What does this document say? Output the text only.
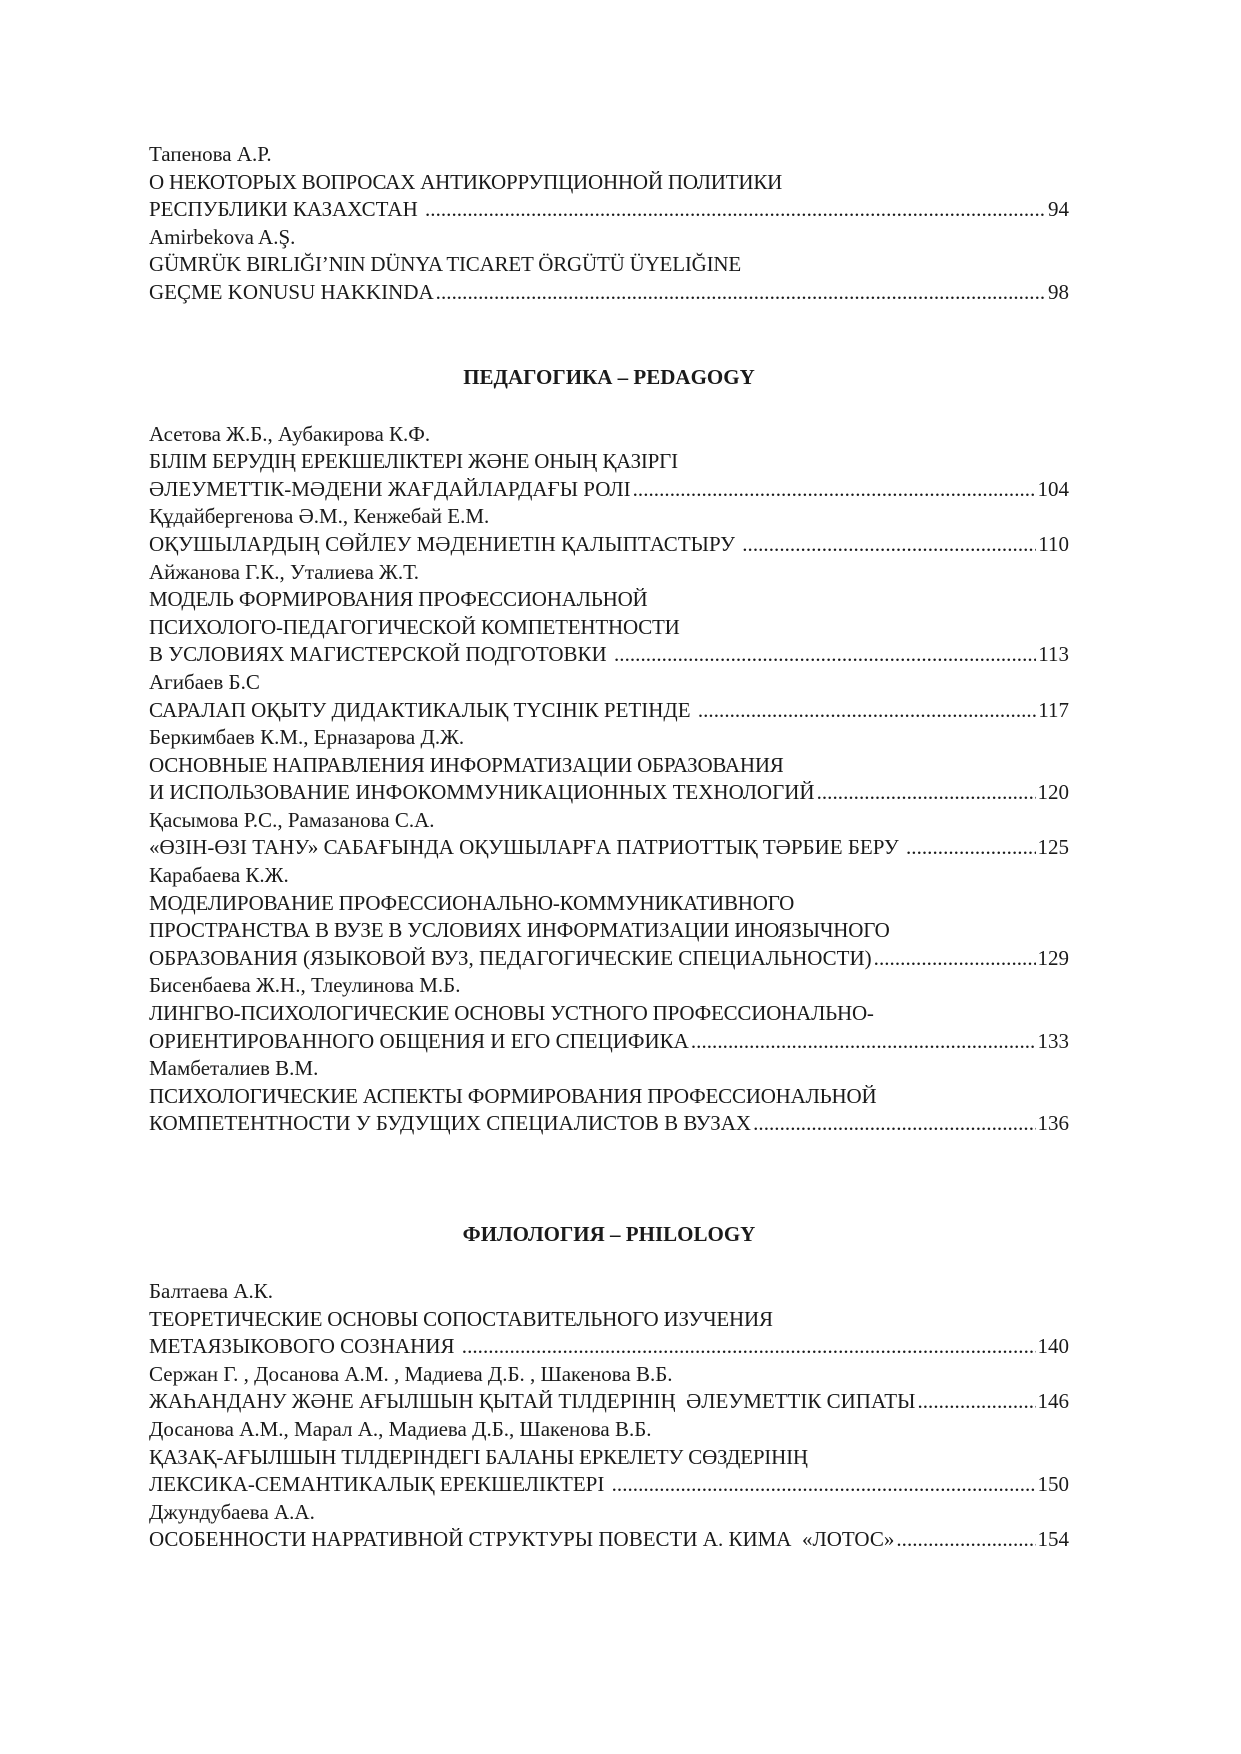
Тапенова А.Р.
О НЕКОТОРЫХ ВОПРОСАХ АНТИКОРРУПЦИОННОЙ ПОЛИТИКИ
РЕСПУБЛИКИ КАЗАХСТАН . . .	94
Amirbekova A.Ş.
GÜMRÜK BIRLIĞI’NIN DÜNYA TICARET ÖRGÜTÜ ÜYELIĞINE
GEÇME KONUSU HAKKINDA . . .	98
ПЕДАГОГИКА – PEDAGOGY
Асетова Ж.Б., Аубакирова К.Ф.
БІЛІМ БЕРУДІҢ ЕРЕКШЕЛІКТЕРІ ЖӘНЕ ОНЫҢ ҚАЗІРГІ
ӘЛЕУМЕТТІК-МӘДЕНИ ЖАҒДАЙЛАРДАҒЫ РОЛІ . . .	104
Құдайбергенова Ә.М., Кенжебай Е.М.
ОҚУШЫЛАРДЫҢ СӨЙЛЕУ МӘДЕНИЕТІН ҚАЛЫПТАСТЫРУ . . .	110
Айжанова Г.К., Уталиева Ж.Т.
МОДЕЛЬ ФОРМИРОВАНИЯ ПРОФЕССИОНАЛЬНОЙ
ПСИХОЛОГО-ПЕДАГОГИЧЕСКОЙ КОМПЕТЕНТНОСТИ
В УСЛОВИЯХ МАГИСТЕРСКОЙ ПОДГОТОВКИ . . .	113
Агибаев Б.С
САРАЛАП ОҚЫТУ ДИДАКТИКАЛЫҚ ТҮСІНІК РЕТІНДЕ . . .	117
Беркимбаев К.М., Ерназарова Д.Ж.
ОСНОВНЫЕ НАПРАВЛЕНИЯ ИНФОРМАТИЗАЦИИ ОБРАЗОВАНИЯ
И ИСПОЛЬЗОВАНИЕ ИНФОКОММУНИКАЦИОННЫХ ТЕХНОЛОГИЙ . . .	120
Қасымова Р.С., Рамазанова С.А.
«ӨЗІН-ӨЗІ ТАНУ» САБАҒЫНДА ОҚУШЫЛАРҒА ПАТРИОТТЫҚ ТӘРБИЕ БЕРУ . . .	125
Карабаева К.Ж.
МОДЕЛИРОВАНИЕ ПРОФЕССИОНАЛЬНО-КОММУНИКАТИВНОГО
ПРОСТРАНСТВА В ВУЗЕ В УСЛОВИЯХ ИНФОРМАТИЗАЦИИ ИНОЯЗЫЧНОГО
ОБРАЗОВАНИЯ (ЯЗЫКОВОЙ ВУЗ, ПЕДАГОГИЧЕСКИЕ СПЕЦИАЛЬНОСТИ) . . .	129
Бисенбаева Ж.Н., Тлеулинова М.Б.
ЛИНГВО-ПСИХОЛОГИЧЕСКИЕ ОСНОВЫ УСТНОГО ПРОФЕССИОНАЛЬНО-
ОРИЕНТИРОВАННОГО ОБЩЕНИЯ И ЕГО СПЕЦИФИКА . . .	133
Мамбеталиев В.М.
ПСИХОЛОГИЧЕСКИЕ АСПЕКТЫ ФОРМИРОВАНИЯ ПРОФЕССИОНАЛЬНОЙ
КОМПЕТЕНТНОСТИ У БУДУЩИХ СПЕЦИАЛИСТОВ В ВУЗАХ . . .	136
ФИЛОЛОГИЯ – PHILOLOGY
Балтаева А.К.
ТЕОРЕТИЧЕСКИЕ ОСНОВЫ СОПОСТАВИТЕЛЬНОГО ИЗУЧЕНИЯ
МЕТАЯЗЫКОВОГО СОЗНАНИЯ . . .	140
Сержан Г. , Досанова А.М. , Мадиева Д.Б. , Шакенова В.Б.
ЖАҺАНДАНУ ЖӘНЕ АҒЫЛШЫН ҚЫТАЙ ТІЛДЕРІНІҢ  ӘЛЕУМЕТТІК СИПАТЫ . . .	146
Досанова А.М., Марал А., Мадиева Д.Б., Шакенова В.Б.
ҚАЗАҚ-АҒЫЛШЫН ТІЛДЕРІНДЕГІ БАЛАНЫ ЕРКЕЛЕТУ СӨЗДЕРІНІҢ
ЛЕКСИКА-СЕМАНТИКАЛЫҚ ЕРЕКШЕЛІКТЕРІ . . .	150
Джундубаева А.А.
ОСОБЕННОСТИ НАРРАТИВНОЙ СТРУКТУРЫ ПОВЕСТИ А. КИМА  «ЛОТОС» . . .	154
